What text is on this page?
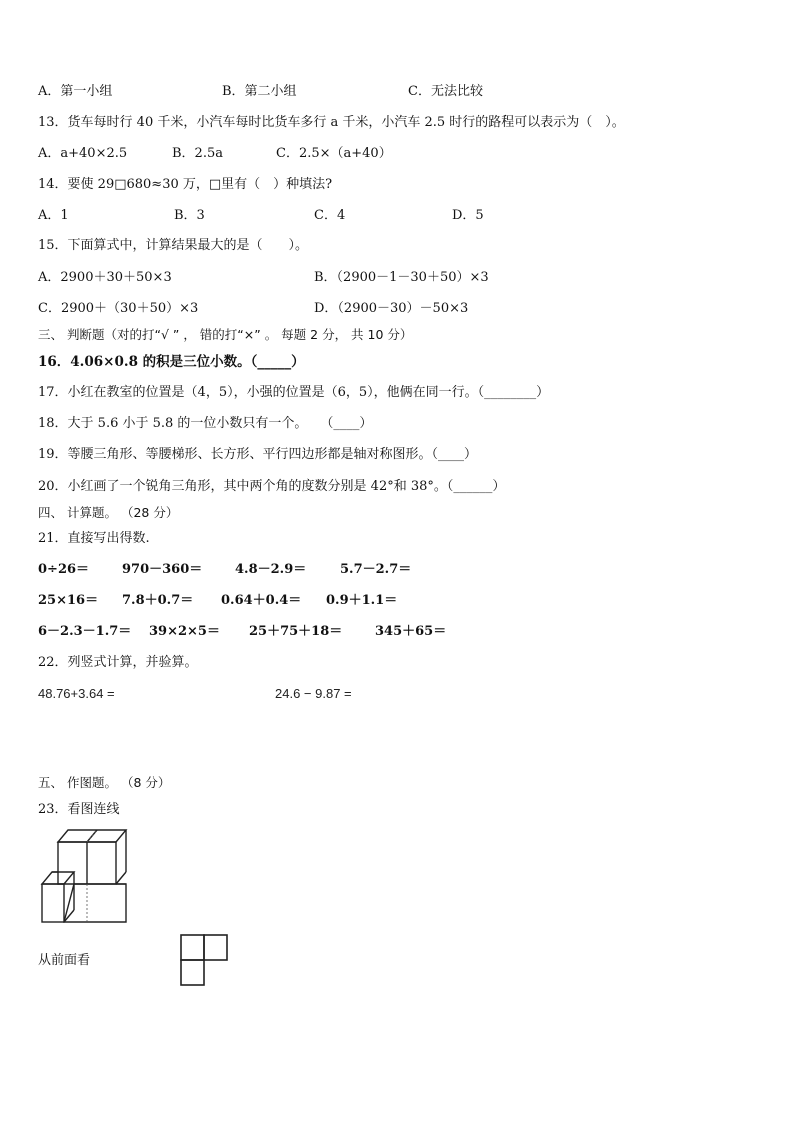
A．第一小组	B．第二小组	C．无法比较
13．货车每时行 40 千米，小汽车每时比货车多行 a 千米，小汽车 2.5 时行的路程可以表示为（　）。
A．a+40×2.5	B．2.5a	C．2.5×（a+40）
14．要使 29□680≈30 万，□里有（　）种填法?
A．1	B．3	C．4	D．5
15．下面算式中，计算结果最大的是（　　）。
A．2900＋30＋50×3	B．（2900－1－30＋50）×3
C．2900＋（30＋50）×3	D．（2900－30）－50×3
三、 判断题（对的打“√ ” ， 错的打“×” 。 每题 2 分， 共 10 分）
16．4.06×0.8 的积是三位小数。（_____）
17．小红在教室的位置是（4，5），小强的位置是（6，5），他俩在同一行。（________）
18．大于 5.6 小于 5.8 的一位小数只有一个。　　（____）
19．等腰三角形、等腰梯形、长方形、平行四边形都是轴对称图形。（____）
20．小红画了一个锐角三角形，其中两个角的度数分别是 42°和 38°。（______）
四、 计算题。 （28 分）
21．直接写出得数.
0÷26＝	970－360＝	4.8－2.9＝	5.7－2.7＝
25×16＝ 7.8＋0.7＝ 0.64＋0.4＝ 0.9＋1.1＝
6－2.3－1.7＝ 39×2×5＝ 25＋75＋18＝	345＋65＝
22．列竖式计算，并验算。
48.76+3.64 =	24.6 − 9.87 =
五、 作图题。 （8 分）
23．看图连线
从前面看
